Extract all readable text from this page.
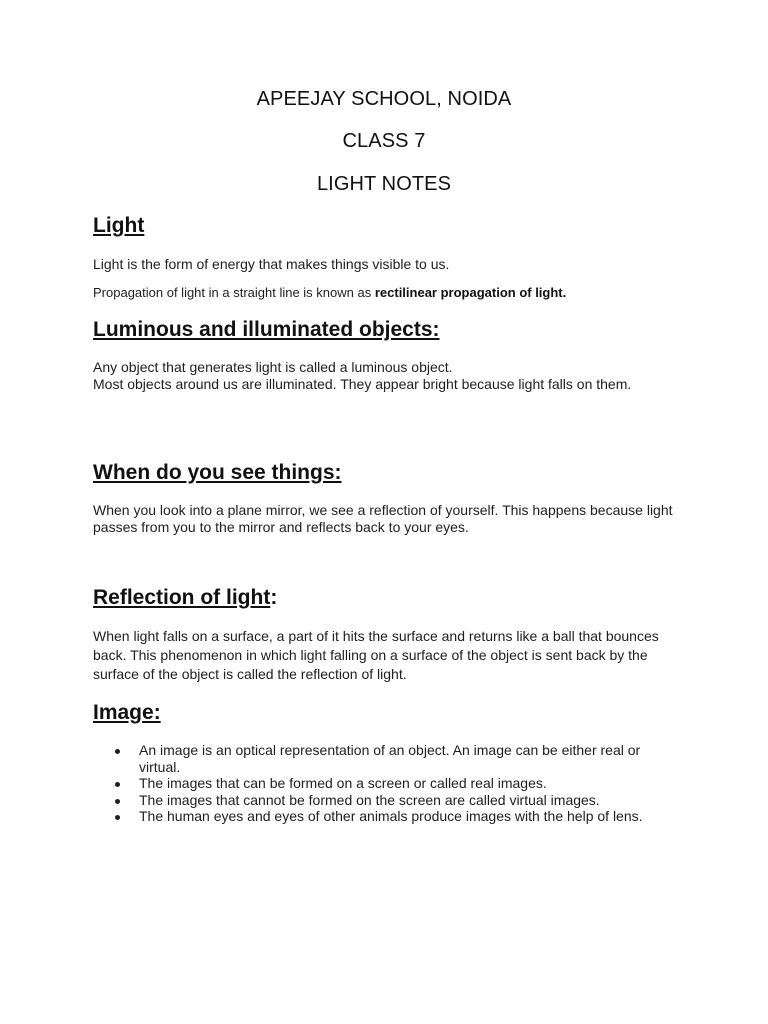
APEEJAY SCHOOL, NOIDA
CLASS 7
LIGHT NOTES
Light
Light is the form of energy that makes things visible to us.
Propagation of light in a straight line is known as rectilinear propagation of light.
Luminous and illuminated objects:
Any object that generates light is called a luminous object.
Most objects around us are illuminated. They appear bright because light falls on them.
When do you see things:
When you look into a plane mirror, we see a reflection of yourself. This happens because light passes from you to the mirror and reflects back to your eyes.
Reflection of light:
When light falls on a surface, a part of it hits the surface and returns like a ball that bounces back. This phenomenon in which light falling on a surface of the object is sent back by the surface of the object is called the reflection of light.
Image:
An image is an optical representation of an object. An image can be either real or virtual.
The images that can be formed on a screen or called real images.
The images that cannot be formed on the screen are called virtual images.
The human eyes and eyes of other animals produce images with the help of lens.
